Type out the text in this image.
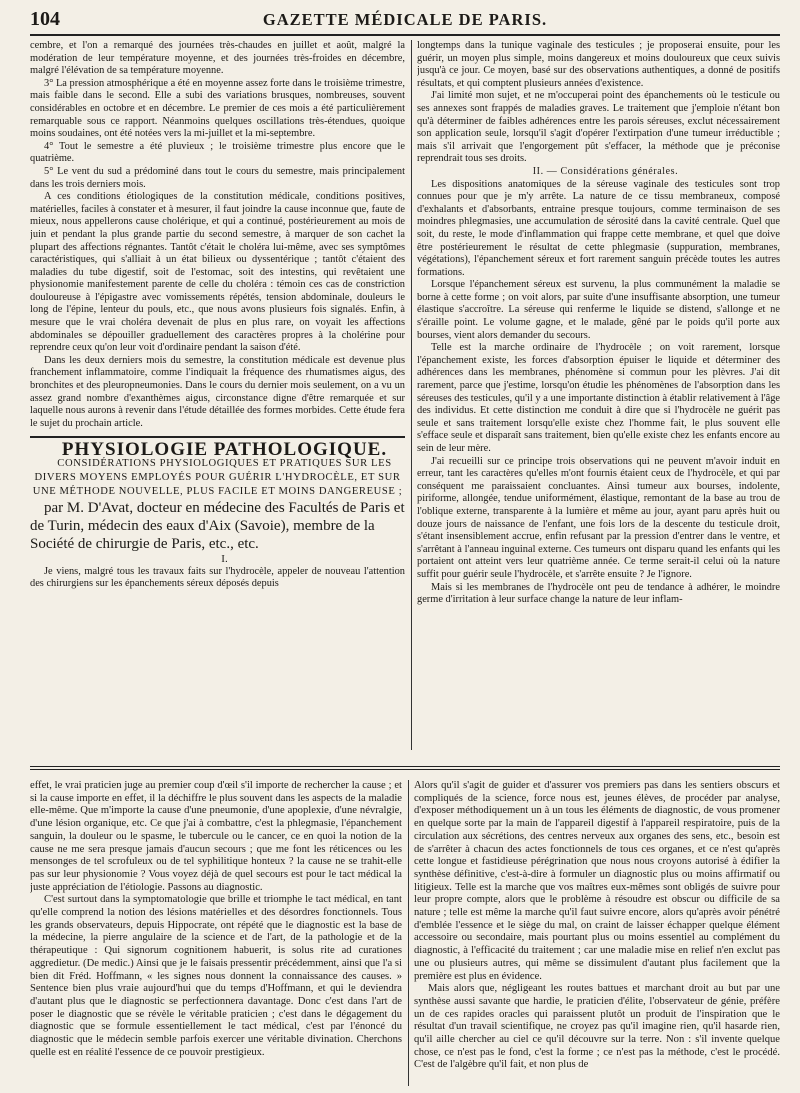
104	GAZETTE MÉDICALE DE PARIS.

cembre, et l'on a remarqué des journées très-chaudes en juillet et août, malgré la modération de leur température moyenne, et des journées très-froides en décembre, malgré l'élévation de sa température moyenne.

3° La pression atmosphérique a été en moyenne assez forte dans le troisième trimestre, mais faible dans le second. Elle a subi des variations brusques, nombreuses, souvent considérables en octobre et en décembre. Le premier de ces mois a été particulièrement remarquable sous ce rapport. Néanmoins quelques oscillations très-étendues, quoique moins soudaines, ont été notées vers la mi-juillet et la mi-septembre.

4° Tout le semestre a été pluvieux ; le troisième trimestre plus encore que le quatrième.

5° Le vent du sud a prédominé dans tout le cours du semestre, mais principalement dans les trois derniers mois.

A ces conditions étiologiques de la constitution médicale, conditions positives, matérielles, faciles à constater et à mesurer, il faut joindre la cause inconnue que, faute de mieux, nous appellerons cause cholérique, et qui a continué, postérieurement au mois de juin et pendant la plus grande partie du second semestre, à marquer de son cachet la plupart des affections régnantes. Tantôt c'était le choléra lui-même, avec ses symptômes caractéristiques, qui s'alliait à un état bilieux ou dyssentérique ; tantôt c'étaient des maladies du tube digestif, soit de l'estomac, soit des intestins, qui revêtaient une physionomie manifestement parente de celle du choléra : témoin ces cas de constriction douloureuse à l'épigastre avec vomissements répétés, tension abdominale, douleurs le long de l'épine, lenteur du pouls, etc., que nous avons plusieurs fois signalés. Enfin, à mesure que le vrai choléra devenait de plus en plus rare, on voyait les affections abdominales se dépouiller graduellement des caractères propres à la cholérine pour reprendre ceux qu'on leur voit d'ordinaire pendant la saison d'été.

Dans les deux derniers mois du semestre, la constitution médicale est devenue plus franchement inflammatoire, comme l'indiquait la fréquence des rhumatismes aigus, des bronchites et des pleuropneumonies. Dans le cours du dernier mois seulement, on a vu un assez grand nombre d'exanthèmes aigus, circonstance digne d'être remarquée et sur laquelle nous aurons à revenir dans l'étude détaillée des formes morbides. Cette étude fera le sujet du prochain article.

PHYSIOLOGIE PATHOLOGIQUE.

CONSIDÉRATIONS PHYSIOLOGIQUES ET PRATIQUES SUR LES DIVERS MOYENS EMPLOYÉS POUR GUÉRIR L'HYDROCÈLE, ET SUR UNE MÉTHODE NOUVELLE, PLUS FACILE ET MOINS DANGEREUSE ;

par M. D'Avat, docteur en médecine des Facultés de Paris et de Turin, médecin des eaux d'Aix (Savoie), membre de la Société de chirurgie de Paris, etc., etc.

I.

Je viens, malgré tous les travaux faits sur l'hydrocèle, appeler de nouveau l'attention des chirurgiens sur les épanchements séreux déposés depuis

longtemps dans la tunique vaginale des testicules ; je proposerai ensuite, pour les guérir, un moyen plus simple, moins dangereux et moins douloureux que ceux suivis jusqu'à ce jour. Ce moyen, basé sur des observations authentiques, a donné de positifs résultats, et qui comptent plusieurs années d'existence.

J'ai limité mon sujet, et ne m'occuperai point des épanchements où le testicule ou ses annexes sont frappés de maladies graves. Le traitement que j'emploie n'étant bon qu'à déterminer de faibles adhérences entre les parois séreuses, exclut nécessairement son application seule, lorsqu'il s'agit d'opérer l'extirpation d'une tumeur irréductible ; mais s'il arrivait que l'engorgement pût s'effacer, la méthode que je préconise reprendrait tous ses droits.

II. — Considérations générales.

Les dispositions anatomiques de la séreuse vaginale des testicules sont trop connues pour que je m'y arrête. La nature de ce tissu membraneux, composé d'exhalants et d'absorbants, entraine presque toujours, comme terminaison de ses moindres phlegmasies, une accumulation de sérosité dans la cavité centrale. Quel que soit, du reste, le mode d'inflammation qui frappe cette membrane, et quel que doive être postérieurement le résultat de cette phlegmasie (suppuration, membranes, végétations), l'épanchement séreux et fort rarement sanguin précède toutes les autres formations.

Lorsque l'épanchement séreux est survenu, la plus communément la maladie se borne à cette forme ; on voit alors, par suite d'une insuffisante absorption, une tumeur élastique s'accroître. La séreuse qui renferme le liquide se distend, s'allonge et ne s'éraille point. Le volume gagne, et le malade, gêné par le poids qu'il porte aux bourses, vient alors demander du secours.

Telle est la marche ordinaire de l'hydrocèle ; on voit rarement, lorsque l'épanchement existe, les forces d'absorption épuiser le liquide et déterminer des adhérences dans les membranes, phénomène si commun pour les plèvres. J'ai dit rarement, parce que j'estime, lorsqu'on étudie les phénomènes de l'absorption dans les séreuses des testicules, qu'il y a une importante distinction à établir relativement à l'âge des individus. Et cette distinction me conduit à dire que si l'hydrocèle ne guérit pas seule et sans traitement lorsqu'elle existe chez l'homme fait, le plus souvent elle s'efface seule et disparaît sans traitement, bien qu'elle existe chez les enfants encore au sein de leur mère.

J'ai recueilli sur ce principe trois observations qui ne peuvent m'avoir induit en erreur, tant les caractères qu'elles m'ont fournis étaient ceux de l'hydrocèle, et qui par conséquent me paraissaient concluantes. Ainsi tumeur aux bourses, indolente, piriforme, allongée, tendue uniformément, élastique, remontant de la base au trou de l'oblique externe, transparente à la lumière et même au jour, ayant paru après huit ou douze jours de naissance de l'enfant, une fois lors de la descente du testicule droit, s'étant insensiblement accrue, enfin refusant par la pression d'entrer dans le ventre, et s'arrêtant à l'anneau inguinal externe. Ces tumeurs ont disparu quand les enfants qui les portaient ont atteint vers leur quatrième année. Ce terme serait-il celui où la nature suffit pour guérir seule l'hydrocèle, et s'arrête ensuite ? Je l'ignore.

Mais si les membranes de l'hydrocèle ont peu de tendance à adhérer, le moindre germe d'irritation à leur surface change la nature de leur inflam-

effet, le vrai praticien juge au premier coup d'œil s'il importe de rechercher la cause ; et si la cause importe en effet, il la déchiffre le plus souvent dans les aspects de la maladie elle-même. Que m'importe la cause d'une pneumonie, d'une apoplexie, d'une névralgie, d'une lésion organique, etc. Ce que j'ai à combattre, c'est la phlegmasie, l'épanchement sanguin, la douleur ou le spasme, le tubercule ou le cancer, ce en quoi la notion de la cause ne me sera presque jamais d'aucun secours ; que me font les réticences ou les mensonges de tel scrofuleux ou de tel syphilitique honteux ? la cause ne se trahit-elle pas sur leur physionomie ? Vous voyez déjà de quel secours est pour le tact médical la juste appréciation de l'étiologie. Passons au diagnostic.

C'est surtout dans la symptomatologie que brille et triomphe le tact médical, en tant qu'elle comprend la notion des lésions matérielles et des désordres fonctionnels. Tous les grands observateurs, depuis Hippocrate, ont répété que le diagnostic est la base de la médecine, la pierre angulaire de la science et de l'art, de la pathologie et de la thérapeutique : Qui signorum cognitionem habuerit, is solus rite ad curationes aggredietur. (De medic.) Ainsi que je le faisais pressentir précédemment, ainsi que l'a si bien dit Fréd. Hoffmann, « les signes nous donnent la connaissance des causes. » Sentence bien plus vraie aujourd'hui que du temps d'Hoffmann, et qui le deviendra d'autant plus que le diagnostic se perfectionnera davantage. Donc c'est dans l'art de poser le diagnostic que se révèle le véritable praticien ; c'est dans le dégagement du diagnostic que se formule essentiellement le tact médical, c'est par l'énoncé du diagnostic que le médecin semble parfois exercer une véritable divination. Cherchons quelle est en réalité l'essence de ce pouvoir prestigieux.

Alors qu'il s'agit de guider et d'assurer vos premiers pas dans les sentiers obscurs et compliqués de la science, force nous est, jeunes élèves, de procéder par analyse, d'exposer méthodiquement un à un tous les éléments de diagnostic, de vous promener en quelque sorte par la main de l'appareil digestif à l'appareil respiratoire, puis de la circulation aux sécrétions, des centres nerveux aux organes des sens, etc., besoin est de s'arrêter à chacun des actes fonctionnels de tous ces organes, et ce n'est qu'après cette longue et fastidieuse pérégrination que nous nous croyons autorisé à édifier la synthèse définitive, c'est-à-dire à formuler un diagnostic plus ou moins affirmatif ou litigieux. Telle est la marche que vos maîtres eux-mêmes sont obligés de suivre pour leur propre compte, alors que le problème à résoudre est obscur ou difficile de sa nature ; telle est même la marche qu'il faut suivre encore, alors qu'après avoir pénétré d'emblée l'essence et le siège du mal, on craint de laisser échapper quelque élément accessoire ou secondaire, mais pourtant plus ou moins essentiel au complément du diagnostic, à l'efficacité du traitement ; car une maladie mise en relief n'en exclut pas une ou plusieurs autres, qui même se dissimulent d'autant plus facilement que la première est plus en évidence.

Mais alors que, négligeant les routes battues et marchant droit au but par une synthèse aussi savante que hardie, le praticien d'élite, l'observateur de génie, préfère un de ces rapides oracles qui paraissent plutôt un produit de l'inspiration que le résultat d'un travail scientifique, ne croyez pas qu'il imagine rien, qu'il hasarde rien, qu'il aille chercher au ciel ce qu'il découvre sur la terre. Non : s'il invente quelque chose, ce n'est pas le fond, c'est la forme ; ce n'est pas la méthode, c'est le procédé. C'est de l'algèbre qu'il fait, et non plus de
